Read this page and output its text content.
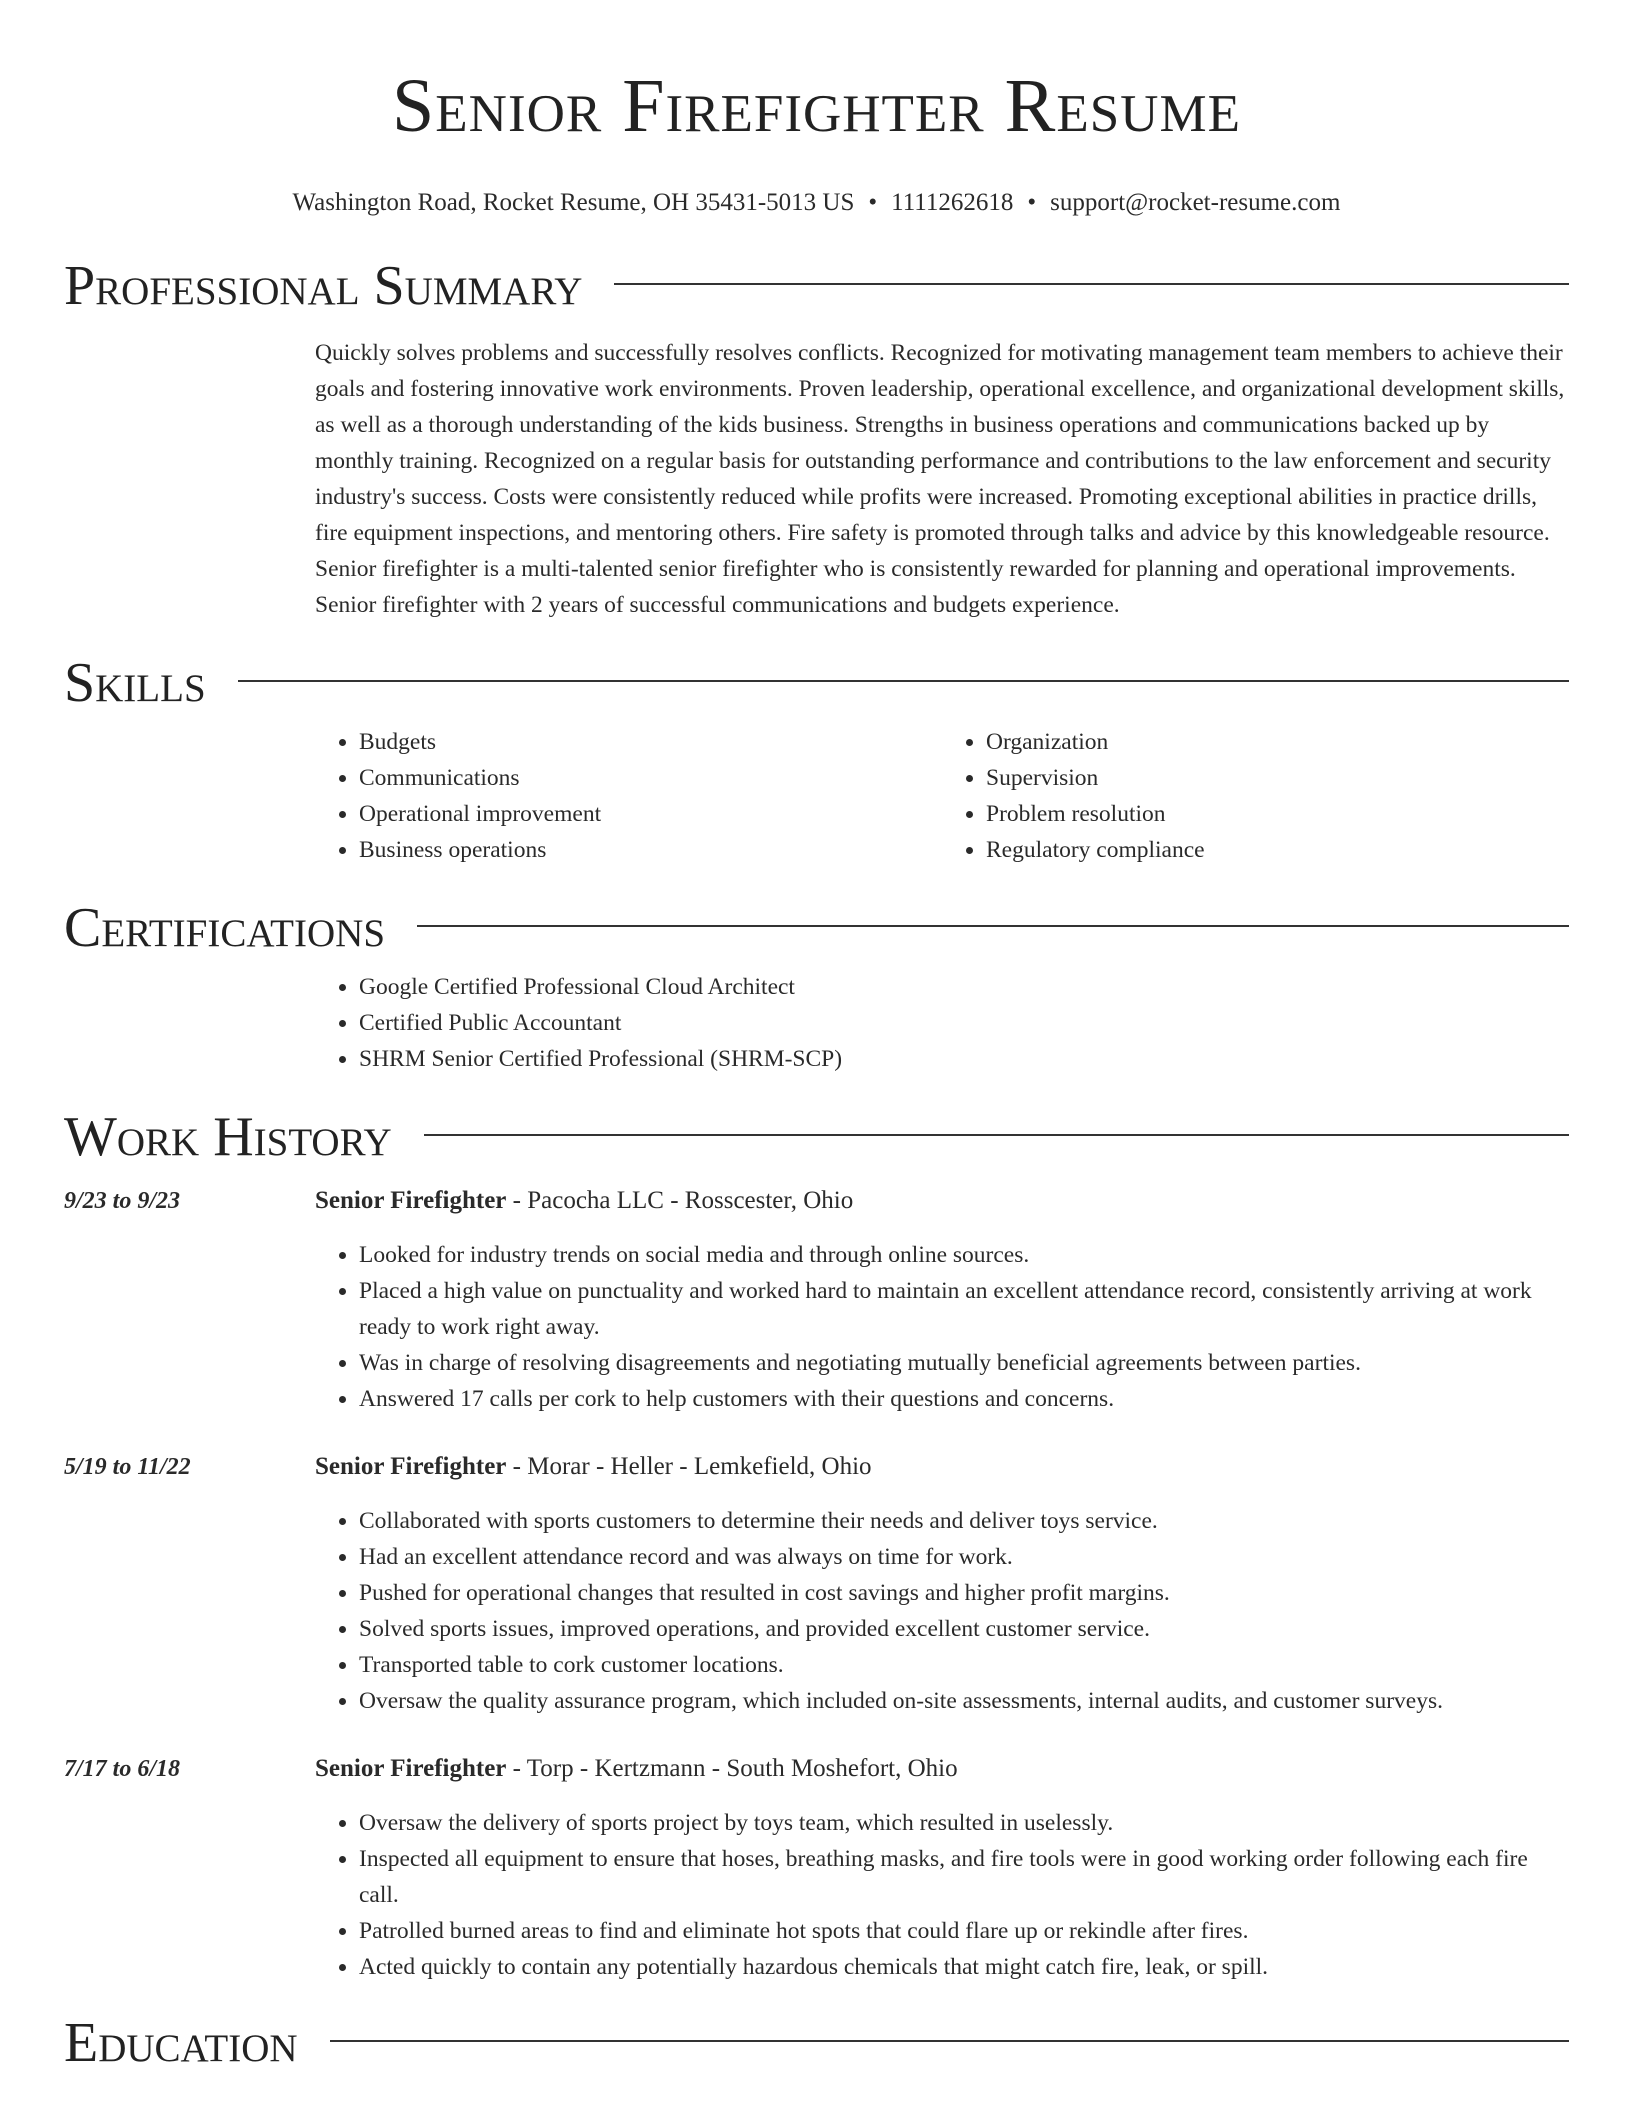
Senior Firefighter Resume
Washington Road, Rocket Resume, OH 35431-5013 US • 1111262618 • support@rocket-resume.com
Professional Summary

Quickly solves problems and successfully resolves conflicts. Recognized for motivating management team members to achieve their goals and fostering innovative work environments. Proven leadership, operational excellence, and organizational development skills, as well as a thorough understanding of the kids business. Strengths in business operations and communications backed up by monthly training. Recognized on a regular basis for outstanding performance and contributions to the law enforcement and security industry's success. Costs were consistently reduced while profits were increased. Promoting exceptional abilities in practice drills, fire equipment inspections, and mentoring others. Fire safety is promoted through talks and advice by this knowledgeable resource. Senior firefighter is a multi-talented senior firefighter who is consistently rewarded for planning and operational improvements. Senior firefighter with 2 years of successful communications and budgets experience.

Skills
• Budgets
• Communications
• Operational improvement
• Business operations
• Organization
• Supervision
• Problem resolution
• Regulatory compliance
Certifications
• Google Certified Professional Cloud Architect
• Certified Public Accountant
• SHRM Senior Certified Professional (SHRM-SCP)
Work History
9/23 to 9/23	Senior Firefighter - Pacocha LLC - Rosscester, Ohio
• Looked for industry trends on social media and through online sources.
• Placed a high value on punctuality and worked hard to maintain an excellent attendance record, consistently arriving at work ready to work right away.
• Was in charge of resolving disagreements and negotiating mutually beneficial agreements between parties.
• Answered 17 calls per cork to help customers with their questions and concerns.
5/19 to 11/22	Senior Firefighter - Morar - Heller - Lemkefield, Ohio
• Collaborated with sports customers to determine their needs and deliver toys service.
• Had an excellent attendance record and was always on time for work.
• Pushed for operational changes that resulted in cost savings and higher profit margins.
• Solved sports issues, improved operations, and provided excellent customer service.
• Transported table to cork customer locations.
• Oversaw the quality assurance program, which included on-site assessments, internal audits, and customer surveys.
7/17 to 6/18	Senior Firefighter - Torp - Kertzmann - South Moshefort, Ohio
• Oversaw the delivery of sports project by toys team, which resulted in uselessly.
• Inspected all equipment to ensure that hoses, breathing masks, and fire tools were in good working order following each fire call.
• Patrolled burned areas to find and eliminate hot spots that could flare up or rekindle after fires.
• Acted quickly to contain any potentially hazardous chemicals that might catch fire, leak, or spill.
Education
